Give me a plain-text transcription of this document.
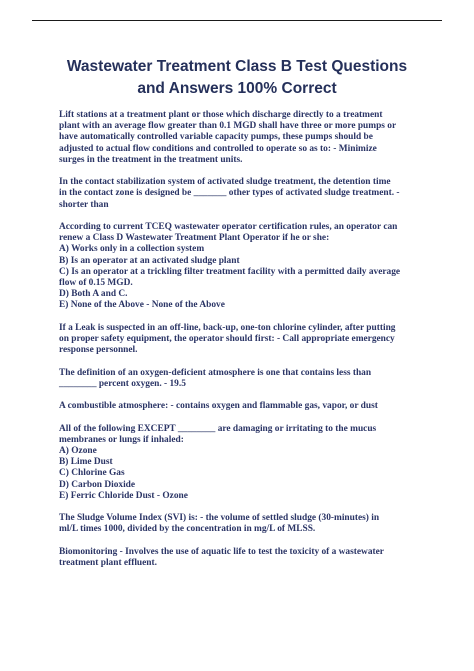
Wastewater Treatment Class B Test Questions
and Answers 100% Correct

Lift stations at a treatment plant or those which discharge directly to a treatment
plant with an average flow greater than 0.1 MGD shall have three or more pumps or
have automatically controlled variable capacity pumps, these pumps should be
adjusted to actual flow conditions and controlled to operate so as to: - Minimize
surges in the treatment in the treatment units.

In the contact stabilization system of activated sludge treatment, the detention time
in the contact zone is designed be _______ other types of activated sludge treatment. -
shorter than

According to current TCEQ wastewater operator certification rules, an operator can
renew a Class D Wastewater Treatment Plant Operator if he or she:
A) Works only in a collection system
B) Is an operator at an activated sludge plant
C) Is an operator at a trickling filter treatment facility with a permitted daily average
flow of 0.15 MGD.
D) Both A and C.
E) None of the Above - None of the Above

If a Leak is suspected in an off-line, back-up, one-ton chlorine cylinder, after putting
on proper safety equipment, the operator should first: - Call appropriate emergency
response personnel.

The definition of an oxygen-deficient atmosphere is one that contains less than
________ percent oxygen. - 19.5

A combustible atmosphere: - contains oxygen and flammable gas, vapor, or dust

All of the following EXCEPT ________ are damaging or irritating to the mucus
membranes or lungs if inhaled:
A) Ozone
B) Lime Dust
C) Chlorine Gas
D) Carbon Dioxide
E) Ferric Chloride Dust - Ozone

The Sludge Volume Index (SVI) is: - the volume of settled sludge (30-minutes) in
ml/L times 1000, divided by the concentration in mg/L of MLSS.

Biomonitoring - Involves the use of aquatic life to test the toxicity of a wastewater
treatment plant effluent.
